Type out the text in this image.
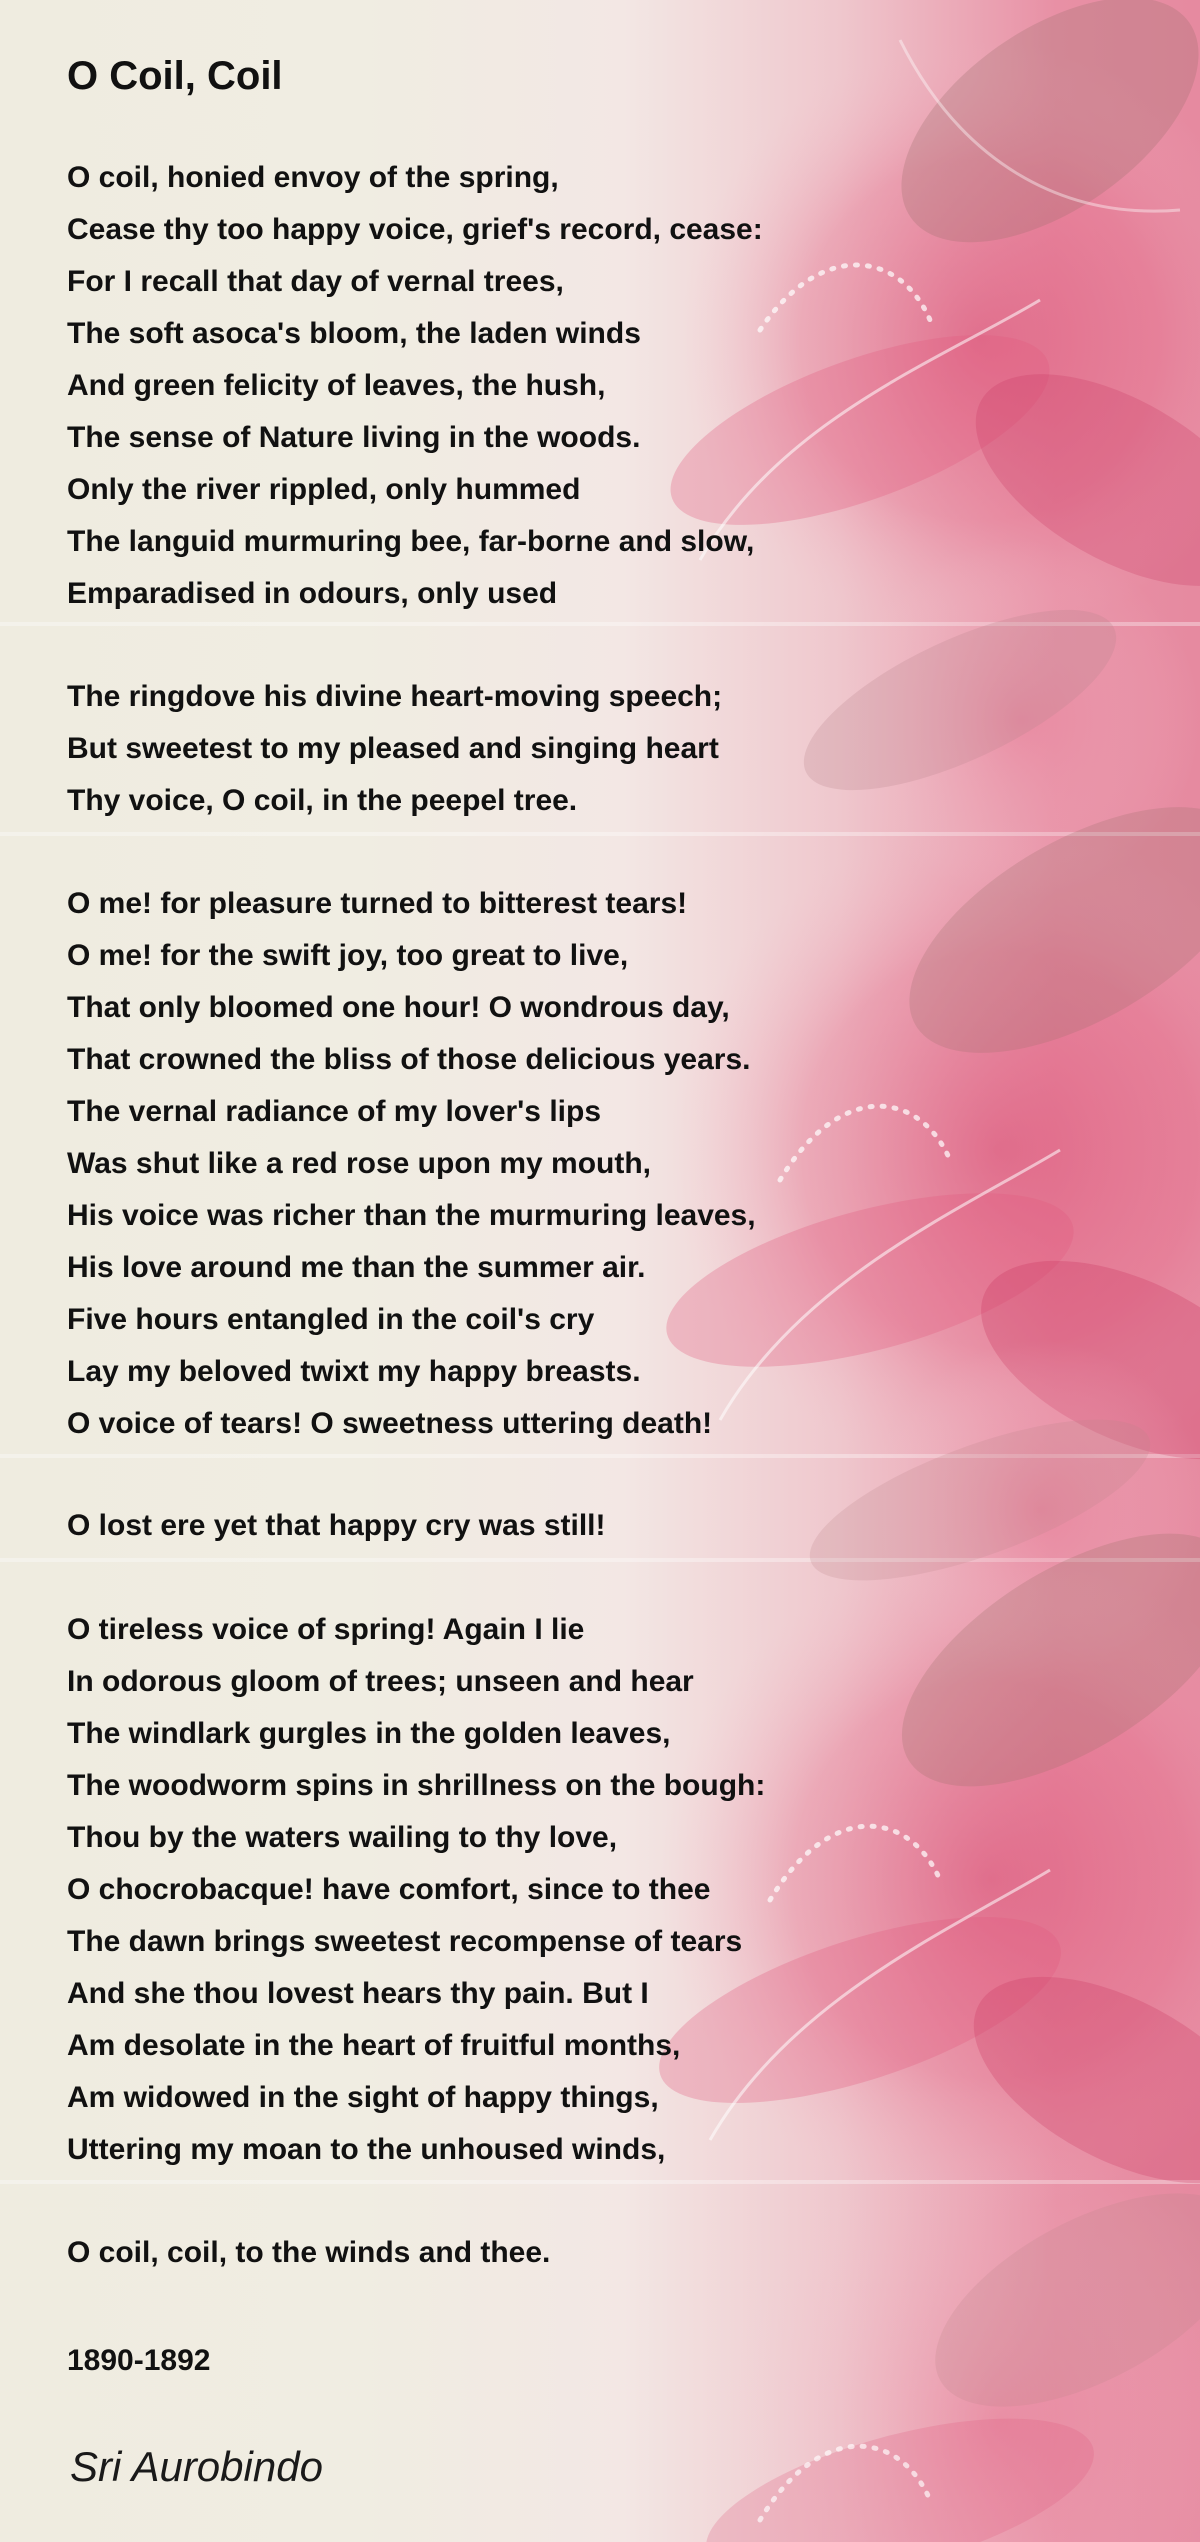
O Coil, Coil
O coil, honied envoy of the spring,
Cease thy too happy voice, grief's record, cease:
For I recall that day of vernal trees,
The soft asoca's bloom, the laden winds
And green felicity of leaves, the hush,
The sense of Nature living in the woods.
Only the river rippled, only hummed
The languid murmuring bee, far-borne and slow,
Emparadised in odours, only used
The ringdove his divine heart-moving speech;
But sweetest to my pleased and singing heart
Thy voice, O coil, in the peepel tree.
O me! for pleasure turned to bitterest tears!
O me! for the swift joy, too great to live,
That only bloomed one hour! O wondrous day,
That crowned the bliss of those delicious years.
The vernal radiance of my lover's lips
Was shut like a red rose upon my mouth,
His voice was richer than the murmuring leaves,
His love around me than the summer air.
Five hours entangled in the coil's cry
Lay my beloved twixt my happy breasts.
O voice of tears! O sweetness uttering death!
O lost ere yet that happy cry was still!
O tireless voice of spring! Again I lie
In odorous gloom of trees; unseen and hear
The windlark gurgles in the golden leaves,
The woodworm spins in shrillness on the bough:
Thou by the waters wailing to thy love,
O chocrobacque! have comfort, since to thee
The dawn brings sweetest recompense of tears
And she thou lovest hears thy pain. But I
Am desolate in the heart of fruitful months,
Am widowed in the sight of happy things,
Uttering my moan to the unhoused winds,
O coil, coil, to the winds and thee.
1890-1892
Sri Aurobindo
